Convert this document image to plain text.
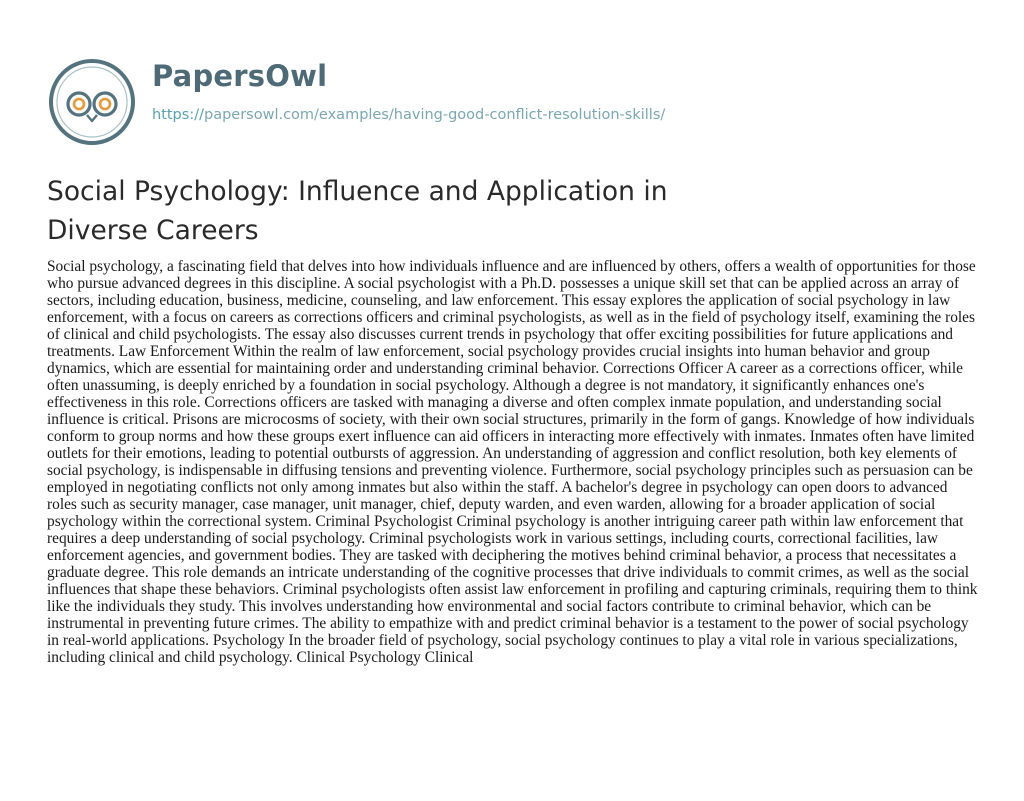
PapersOwl
https://papersowl.com/examples/having-good-conflict-resolution-skills/
Social Psychology: Influence and Application in Diverse Careers

Social psychology, a fascinating field that delves into how individuals influence and are influenced by others, offers a wealth of opportunities for those who pursue advanced degrees in this discipline. A social psychologist with a Ph.D. possesses a unique skill set that can be applied across an array of sectors, including education, business, medicine, counseling, and law enforcement. This essay explores the application of social psychology in law enforcement, with a focus on careers as corrections officers and criminal psychologists, as well as in the field of psychology itself, examining the roles of clinical and child psychologists. The essay also discusses current trends in psychology that offer exciting possibilities for future applications and treatments. Law Enforcement Within the realm of law enforcement, social psychology provides crucial insights into human behavior and group dynamics, which are essential for maintaining order and understanding criminal behavior. Corrections Officer A career as a corrections officer, while often unassuming, is deeply enriched by a foundation in social psychology. Although a degree is not mandatory, it significantly enhances one's effectiveness in this role. Corrections officers are tasked with managing a diverse and often complex inmate population, and understanding social influence is critical. Prisons are microcosms of society, with their own social structures, primarily in the form of gangs. Knowledge of how individuals conform to group norms and how these groups exert influence can aid officers in interacting more effectively with inmates. Inmates often have limited outlets for their emotions, leading to potential outbursts of aggression. An understanding of aggression and conflict resolution, both key elements of social psychology, is indispensable in diffusing tensions and preventing violence. Furthermore, social psychology principles such as persuasion can be employed in negotiating conflicts not only among inmates but also within the staff. A bachelor's degree in psychology can open doors to advanced roles such as security manager, case manager, unit manager, chief, deputy warden, and even warden, allowing for a broader application of social psychology within the correctional system. Criminal Psychologist Criminal psychology is another intriguing career path within law enforcement that requires a deep understanding of social psychology. Criminal psychologists work in various settings, including courts, correctional facilities, law enforcement agencies, and government bodies. They are tasked with deciphering the motives behind criminal behavior, a process that necessitates a graduate degree. This role demands an intricate understanding of the cognitive processes that drive individuals to commit crimes, as well as the social influences that shape these behaviors. Criminal psychologists often assist law enforcement in profiling and capturing criminals, requiring them to think like the individuals they study. This involves understanding how environmental and social factors contribute to criminal behavior, which can be instrumental in preventing future crimes. The ability to empathize with and predict criminal behavior is a testament to the power of social psychology in real-world applications. Psychology In the broader field of psychology, social psychology continues to play a vital role in various specializations, including clinical and child psychology. Clinical Psychology Clinical
